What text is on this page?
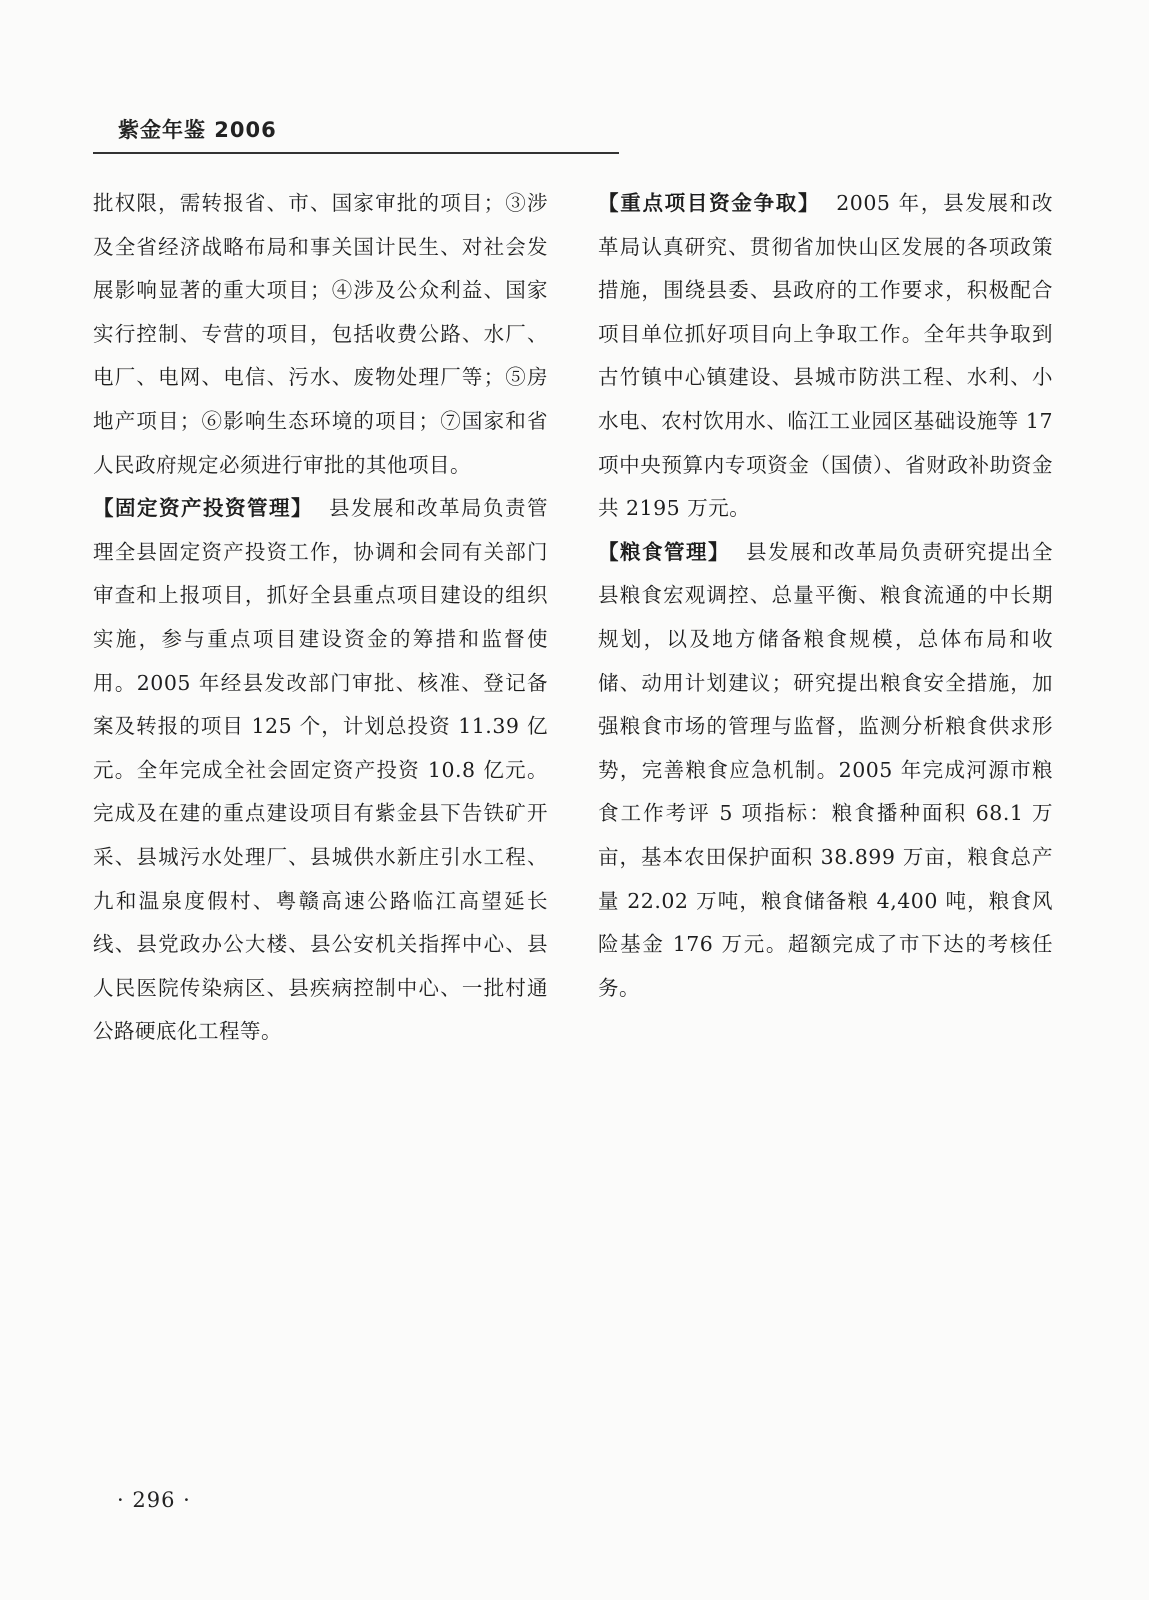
紫金年鉴 2006

批权限，需转报省、市、国家审批的项目；③涉及全省经济战略布局和事关国计民生、对社会发展影响显著的重大项目；④涉及公众利益、国家实行控制、专营的项目，包括收费公路、水厂、电厂、电网、电信、污水、废物处理厂等；⑤房地产项目；⑥影响生态环境的项目；⑦国家和省人民政府规定必须进行审批的其他项目。

【固定资产投资管理】 县发展和改革局负责管理全县固定资产投资工作，协调和会同有关部门审查和上报项目，抓好全县重点项目建设的组织实施，参与重点项目建设资金的筹措和监督使用。2005 年经县发改部门审批、核准、登记备案及转报的项目 125 个，计划总投资 11.39 亿元。全年完成全社会固定资产投资 10.8 亿元。完成及在建的重点建设项目有紫金县下告铁矿开采、县城污水处理厂、县城供水新庄引水工程、九和温泉度假村、粤赣高速公路临江高望延长线、县党政办公大楼、县公安机关指挥中心、县人民医院传染病区、县疾病控制中心、一批村通公路硬底化工程等。

【重点项目资金争取】 2005 年，县发展和改革局认真研究、贯彻省加快山区发展的各项政策措施，围绕县委、县政府的工作要求，积极配合项目单位抓好项目向上争取工作。全年共争取到古竹镇中心镇建设、县城市防洪工程、水利、小水电、农村饮用水、临江工业园区基础设施等 17 项中央预算内专项资金（国债）、省财政补助资金共 2195 万元。

【粮食管理】 县发展和改革局负责研究提出全县粮食宏观调控、总量平衡、粮食流通的中长期规划，以及地方储备粮食规模，总体布局和收储、动用计划建议；研究提出粮食安全措施，加强粮食市场的管理与监督，监测分析粮食供求形势，完善粮食应急机制。2005 年完成河源市粮食工作考评 5 项指标：粮食播种面积 68.1 万亩，基本农田保护面积 38.899 万亩，粮食总产量 22.02 万吨，粮食储备粮 4,400 吨，粮食风险基金 176 万元。超额完成了市下达的考核任务。

· 296 ·
